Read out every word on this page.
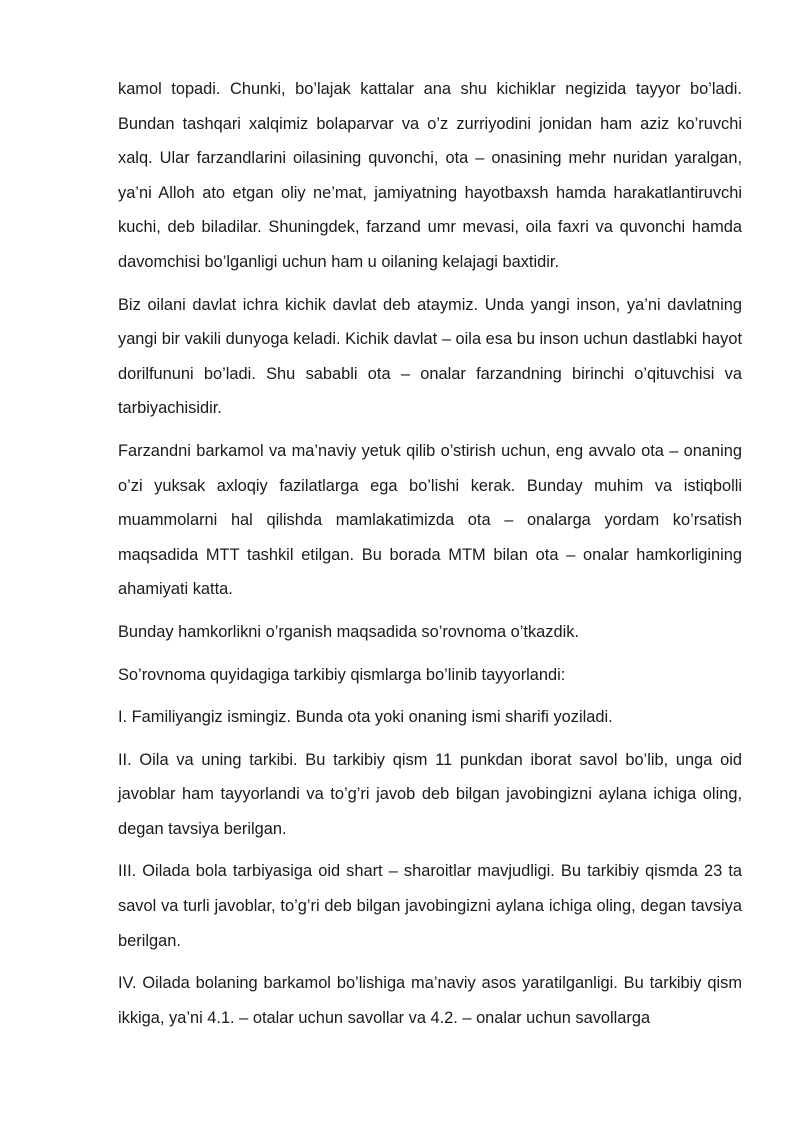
kamol topadi. Chunki, bo’lajak kattalar ana shu kichiklar negizida tayyor bo’ladi. Bundan tashqari xalqimiz bolaparvar va o’z zurriyodini jonidan ham aziz ko’ruvchi xalq. Ular farzandlarini oilasining quvonchi, ota – onasining mehr nuridan yaralgan, ya’ni Alloh ato etgan oliy ne’mat, jamiyatning hayotbaxsh hamda harakatlantiruvchi kuchi, deb biladilar. Shuningdek, farzand umr mevasi, oila faxri va quvonchi hamda davomchisi bo’lganligi uchun ham u oilaning kelajagi baxtidir.

Biz oilani davlat ichra kichik davlat deb ataymiz. Unda yangi inson, ya’ni davlatning yangi bir vakili dunyoga keladi. Kichik davlat – oila esa bu inson uchun dastlabki hayot dorilfununi bo’ladi. Shu sababli ota – onalar farzandning birinchi o’qituvchisi va tarbiyachisidir.

Farzandni barkamol va ma’naviy yetuk qilib o’stirish uchun, eng avvalo ota – onaning o’zi yuksak axloqiy fazilatlarga ega bo’lishi kerak. Bunday muhim va istiqbolli muammolarni hal qilishda mamlakatimizda ota – onalarga yordam ko’rsatish maqsadida MTT tashkil etilgan. Bu borada MTM bilan ota – onalar hamkorligining ahamiyati katta.

Bunday hamkorlikni o’rganish maqsadida so’rovnoma o’tkazdik.

So’rovnoma quyidagiga tarkibiy qismlarga bo’linib tayyorlandi:

I. Familiyangiz ismingiz. Bunda ota yoki onaning ismi sharifi yoziladi.

II. Oila va uning tarkibi. Bu tarkibiy qism 11 punkdan iborat savol bo’lib, unga oid javoblar ham tayyorlandi va to’g’ri javob deb bilgan javobingizni aylana ichiga oling, degan tavsiya berilgan.

III. Oilada bola tarbiyasiga oid shart – sharoitlar mavjudligi. Bu tarkibiy qismda 23 ta savol va turli javoblar, to’g’ri deb bilgan javobingizni aylana ichiga oling, degan tavsiya berilgan.

IV. Oilada bolaning barkamol bo’lishiga ma’naviy asos yaratilganligi. Bu tarkibiy qism ikkiga, ya’ni 4.1. – otalar uchun savollar va 4.2. – onalar uchun savollarga
